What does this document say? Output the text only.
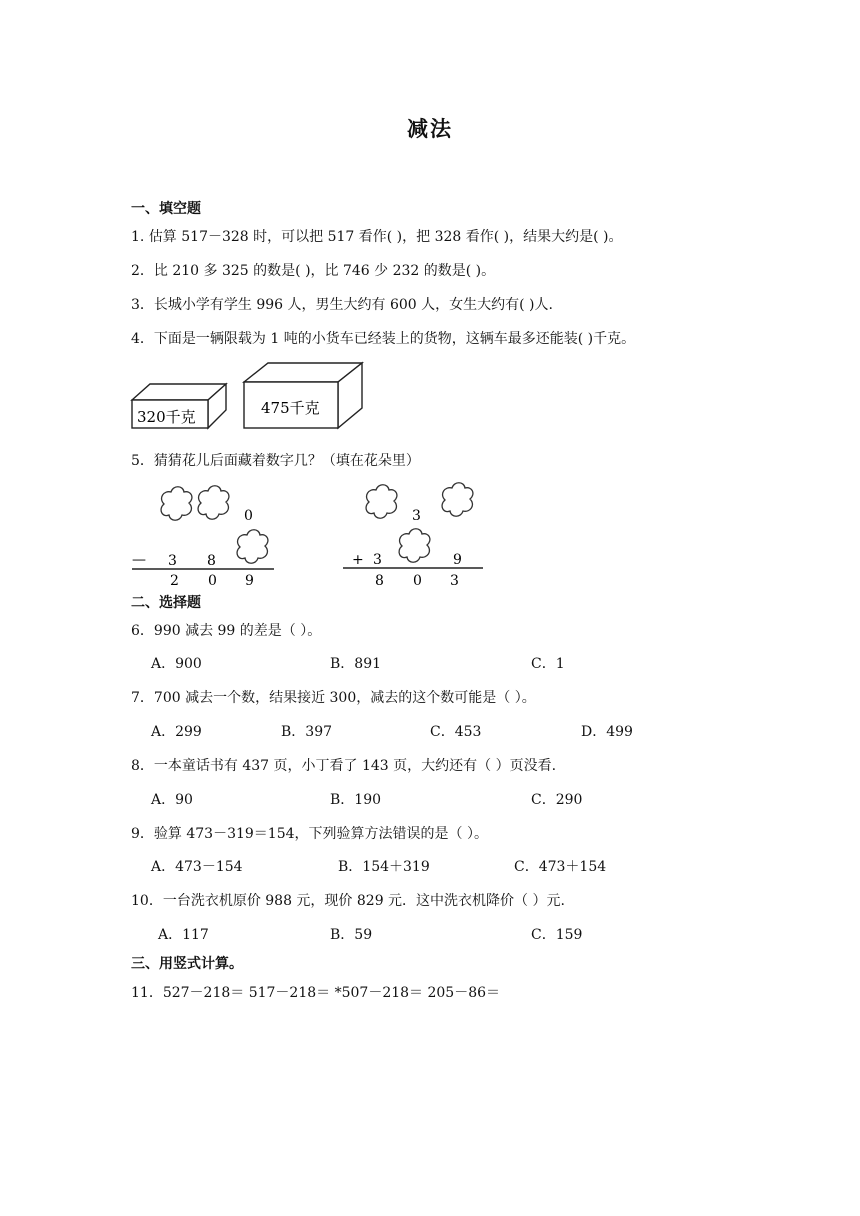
减法
一、填空题
1. 估算 517－328 时，可以把 517 看作( )，把 328 看作( )，结果大约是( )。
2．比 210 多 325 的数是( )，比 746 少 232 的数是( )。
3．长城小学有学生 996 人，男生大约有 600 人，女生大约有( )人.
4．下面是一辆限载为 1 吨的小货车已经装上的货物，这辆车最多还能装( )千克。
320千克	475千克
5．猜猜花儿后面藏着数字几？（填在花朵里）
0
— 3 8
2 0 9
3
+ 3	9
8 0 3
二、选择题
6．990 减去 99 的差是（ ）。
A．900	B．891	C．1
7．700 减去一个数，结果接近 300，减去的这个数可能是（ ）。
A．299	B．397	C．453	D．499
8．一本童话书有 437 页，小丁看了 143 页，大约还有（ ）页没看.
A．90	B．190	C．290
9．验算 473－319＝154，下列验算方法错误的是（ ）。
A．473－154	B．154＋319	C．473＋154
10．一台洗衣机原价 988 元，现价 829 元．这中洗衣机降价（ ）元.
A．117	B．59	C．159
三、用竖式计算。
11．527－218＝ 517－218＝ *507－218＝ 205－86＝
